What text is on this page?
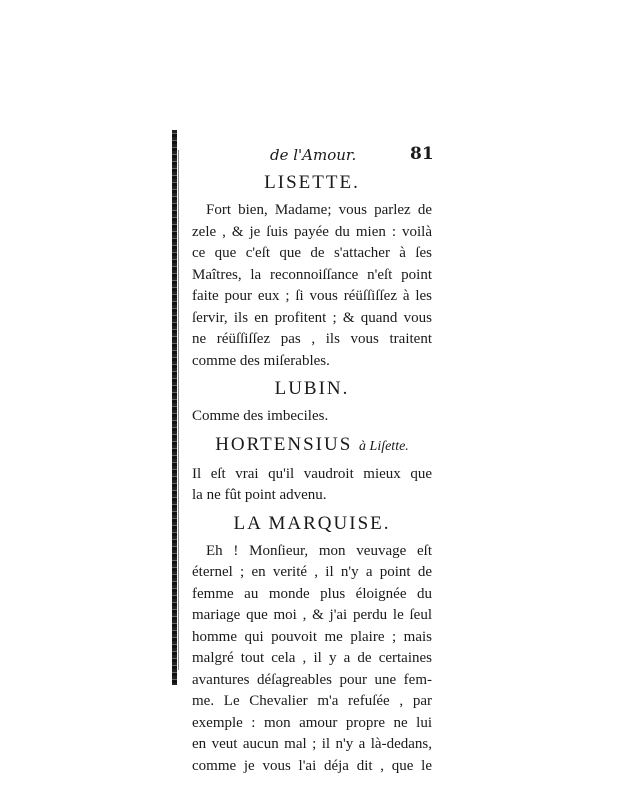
de l'Amour.	81
LISETTE.
Fort bien, Madame; vous parlez de
zele , & je ſuis payée du mien : voilà
ce que c'eſt que de s'attacher à ſes
Maîtres, la reconnoiſſance n'eſt point
faite pour eux ; ſi vous réüſſiſſez à les
ſervir, ils en profitent ; & quand vous
ne réüſſiſſez pas , ils vous traitent
comme des miſerables.
LUBIN.
Comme des imbeciles.
HORTENSIUS à Liſette.
Il eſt vrai qu'il vaudroit mieux que
la ne fût point advenu.
LA MARQUISE.
Eh ! Monſieur, mon veuvage eſt
éternel ; en verité , il n'y a point de
femme au monde plus éloignée du
mariage que moi , & j'ai perdu le ſeul
homme qui pouvoit me plaire ; mais
malgré tout cela , il y a de certaines
avantures déſagreables pour une fem-
me. Le Chevalier m'a refuſée , par
exemple : mon amour propre ne lui
en veut aucun mal ; il n'y a là-dedans,
comme je vous l'ai déja dit , que le
